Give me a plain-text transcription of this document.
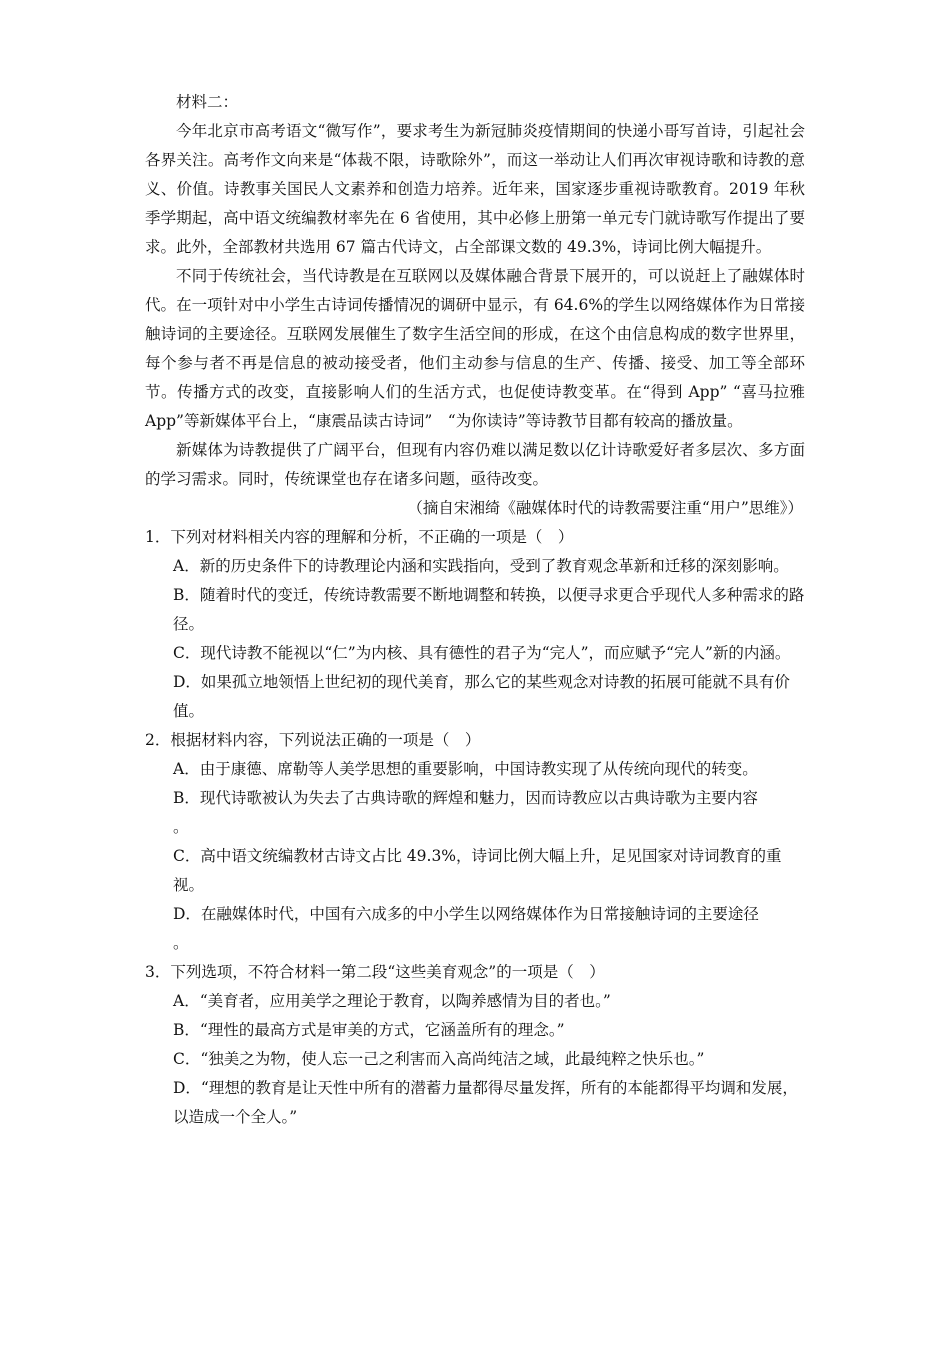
材料二：

今年北京市高考语文“微写作”，要求考生为新冠肺炎疫情期间的快递小哥写首诗，引起社会各界关注。高考作文向来是“体裁不限，诗歌除外”，而这一举动让人们再次审视诗歌和诗教的意义、价值。诗教事关国民人文素养和创造力培养。近年来，国家逐步重视诗歌教育。2019 年秋季学期起，高中语文统编教材率先在 6 省使用，其中必修上册第一单元专门就诗歌写作提出了要求。此外，全部教材共选用 67 篇古代诗文，占全部课文数的 49.3%，诗词比例大幅提升。

不同于传统社会，当代诗教是在互联网以及媒体融合背景下展开的，可以说赶上了融媒体时代。在一项针对中小学生古诗词传播情况的调研中显示，有 64.6%的学生以网络媒体作为日常接触诗词的主要途径。互联网发展催生了数字生活空间的形成，在这个由信息构成的数字世界里，每个参与者不再是信息的被动接受者，他们主动参与信息的生产、传播、接受、加工等全部环节。传播方式的改变，直接影响人们的生活方式，也促使诗教变革。在“得到 App” “喜马拉雅 App”等新媒体平台上，“康震品读古诗词”　“为你读诗”等诗教节目都有较高的播放量。

新媒体为诗教提供了广阔平台，但现有内容仍难以满足数以亿计诗歌爱好者多层次、多方面的学习需求。同时，传统课堂也存在诸多问题，亟待改变。

（摘自宋湘绮《融媒体时代的诗教需要注重“用户”思维》）

1．下列对材料相关内容的理解和分析，不正确的一项是（　）

A．新的历史条件下的诗教理论内涵和实践指向，受到了教育观念革新和迁移的深刻影响。

B．随着时代的变迁，传统诗教需要不断地调整和转换，以便寻求更合乎现代人多种需求的路径。

C．现代诗教不能视以“仁”为内核、具有德性的君子为“完人”，而应赋予“完人”新的内涵。

D．如果孤立地领悟上世纪初的现代美育，那么它的某些观念对诗教的拓展可能就不具有价值。

2．根据材料内容，下列说法正确的一项是（　）

A．由于康德、席勒等人美学思想的重要影响，中国诗教实现了从传统向现代的转变。

B．现代诗歌被认为失去了古典诗歌的辉煌和魅力，因而诗教应以古典诗歌为主要内容
。

C．高中语文统编教材古诗文占比 49.3%，诗词比例大幅上升，足见国家对诗词教育的重视。

D．在融媒体时代，中国有六成多的中小学生以网络媒体作为日常接触诗词的主要途径
。

3．下列选项，不符合材料一第二段“这些美育观念”的一项是（　）

A．“美育者，应用美学之理论于教育，以陶养感情为目的者也。”

B．“理性的最高方式是审美的方式，它涵盖所有的理念。”

C．“独美之为物，使人忘一己之利害而入高尚纯洁之域，此最纯粹之快乐也。”

D．“理想的教育是让天性中所有的潜蓄力量都得尽量发挥，所有的本能都得平均调和发展，以造成一个全人。”
